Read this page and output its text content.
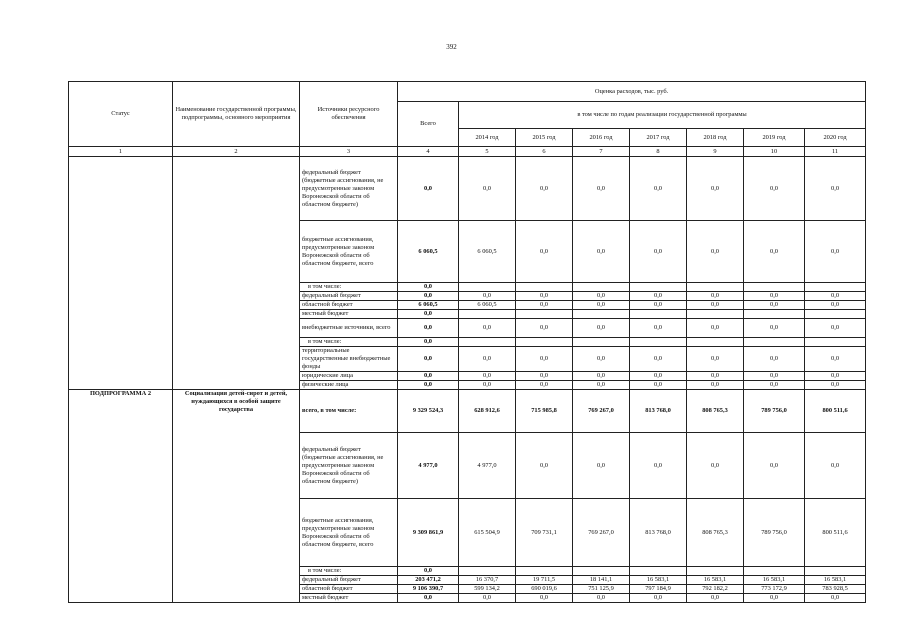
392
Статус	Наименование государственной программы, подпрограммы, основного мероприятия	Источники ресурсного обеспечения	Оценка расходов, тыс. руб.							
			Всего	в том числе по годам реализации государственной программы						
				2014 год	2015 год	2016 год	2017 год	2018 год	2019 год	2020 год
1	2	3	4	5	6	7	8	9	10	11
		федеральный бюджет (бюджетные ассигнования, не предусмотренные законом Воронежской области об областном бюджете)	0,0	0,0	0,0	0,0	0,0	0,0	0,0	0,0
		бюджетные ассигнования, предусмотренные законом Воронежской области об областном бюджете, всего	6 060,5	6 060,5	0,0	0,0	0,0	0,0	0,0	0,0
		в том числе:	0,0							
		федеральный бюджет	0,0	0,0	0,0	0,0	0,0	0,0	0,0	0,0
		областной бюджет	6 060,5	6 060,5	0,0	0,0	0,0	0,0	0,0	0,0
		местный бюджет	0,0							
		внебюджетные источники, всего	0,0	0,0	0,0	0,0	0,0	0,0	0,0	0,0
		в том числе:	0,0							
		территориальные государственные внебюджетные фонды	0,0	0,0	0,0	0,0	0,0	0,0	0,0	0,0
		юридические лица	0,0	0,0	0,0	0,0	0,0	0,0	0,0	0,0
		физические лица	0,0	0,0	0,0	0,0	0,0	0,0	0,0	0,0
ПОДПРОГРАММА 2	Социализация детей-сирот и детей, нуждающихся в особой защите государства	всего, в том числе:	9 329 524,3	628 912,6	715 985,8	769 267,0	813 768,0	808 765,3	789 756,0	800 511,6
		федеральный бюджет (бюджетные ассигнования, не предусмотренные законом Воронежской области об областном бюджете)	4 977,0	4 977,0	0,0	0,0	0,0	0,0	0,0	0,0
		бюджетные ассигнования, предусмотренные законом Воронежской области об областном бюджете, всего	9 309 861,9	615 504,9	709 731,1	769 267,0	813 768,0	808 765,3	789 756,0	800 511,6
		в том числе:	0,0							
		федеральный бюджет	203 471,2	16 370,7	19 711,5	18 141,1	16 583,1	16 583,1	16 583,1	16 583,1
		областной бюджет	9 106 390,7	599 134,2	690 019,6	751 125,9	797 184,9	792 182,2	773 172,9	783 928,5
		местный бюджет	0,0	0,0	0,0	0,0	0,0	0,0	0,0	0,0
